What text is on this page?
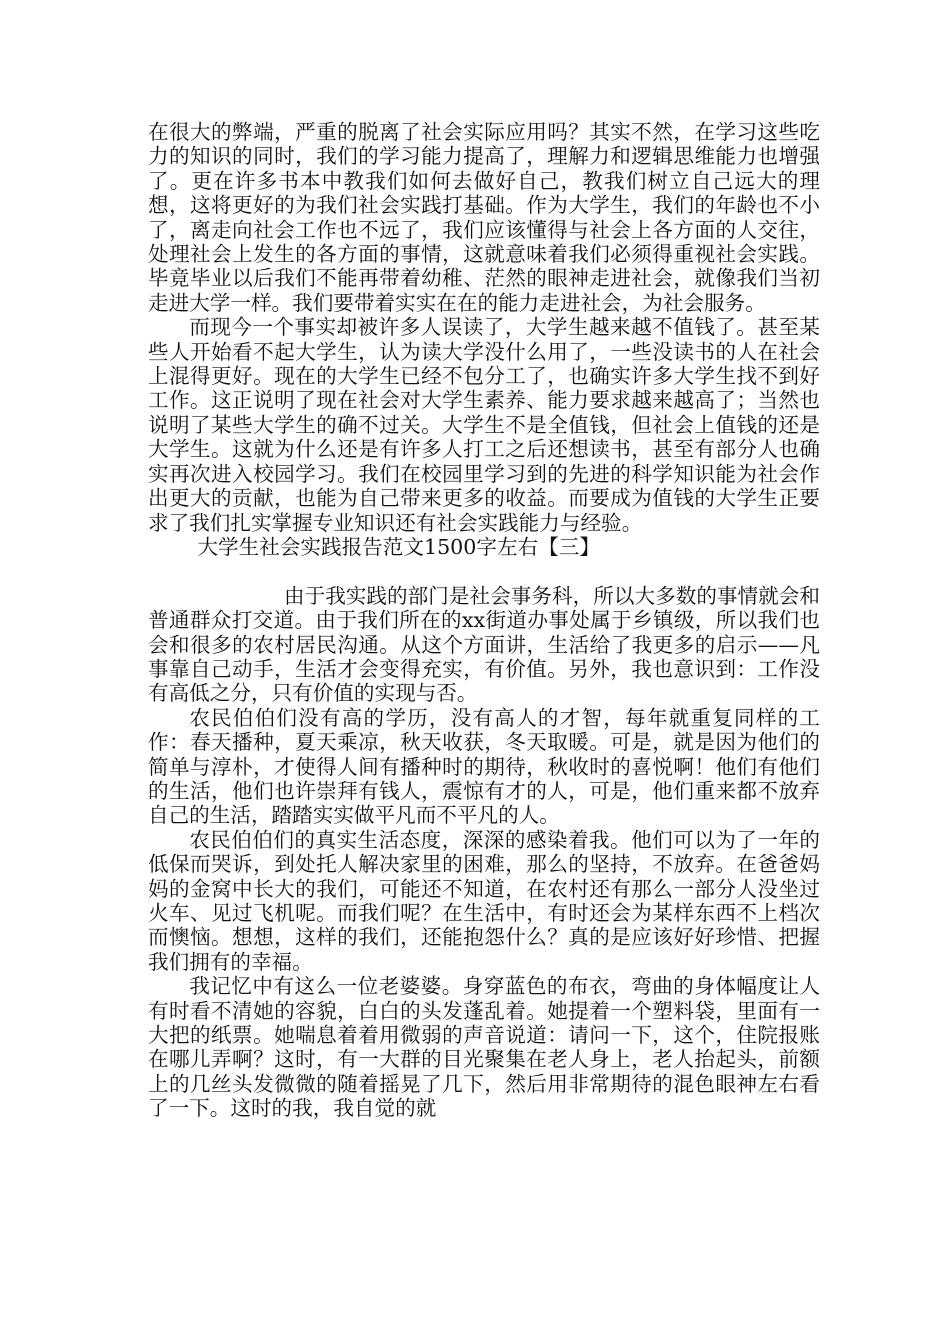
在很大的弊端，严重的脱离了社会实际应用吗？其实不然，在学习这些吃力的知识的同时，我们的学习能力提高了，理解力和逻辑思维能力也增强了。更在许多书本中教我们如何去做好自己，教我们树立自己远大的理想，这将更好的为我们社会实践打基础。作为大学生，我们的年龄也不小了，离走向社会工作也不远了，我们应该懂得与社会上各方面的人交往，处理社会上发生的各方面的事情，这就意味着我们必须得重视社会实践。毕竟毕业以后我们不能再带着幼稚、茫然的眼神走进社会，就像我们当初走进大学一样。我们要带着实实在在的能力走进社会，为社会服务。

而现今一个事实却被许多人误读了，大学生越来越不值钱了。甚至某些人开始看不起大学生，认为读大学没什么用了，一些没读书的人在社会上混得更好。现在的大学生已经不包分工了，也确实许多大学生找不到好工作。这正说明了现在社会对大学生素养、能力要求越来越高了；当然也说明了某些大学生的确不过关。大学生不是全值钱，但社会上值钱的还是大学生。这就为什么还是有许多人打工之后还想读书，甚至有部分人也确实再次进入校园学习。我们在校园里学习到的先进的科学知识能为社会作出更大的贡献，也能为自己带来更多的收益。而要成为值钱的大学生正要求了我们扎实掌握专业知识还有社会实践能力与经验。

大学生社会实践报告范文1500字左右【三】

由于我实践的部门是社会事务科，所以大多数的事情就会和普通群众打交道。由于我们所在的xx街道办事处属于乡镇级，所以我们也会和很多的农村居民沟通。从这个方面讲，生活给了我更多的启示——凡事靠自己动手，生活才会变得充实，有价值。另外，我也意识到：工作没有高低之分，只有价值的实现与否。

农民伯伯们没有高的学历，没有高人的才智，每年就重复同样的工作：春天播种，夏天乘凉，秋天收获，冬天取暖。可是，就是因为他们的简单与淳朴，才使得人间有播种时的期待，秋收时的喜悦啊！他们有他们的生活，他们也许崇拜有钱人，震惊有才的人，可是，他们重来都不放弃自己的生活，踏踏实实做平凡而不平凡的人。

农民伯伯们的真实生活态度，深深的感染着我。他们可以为了一年的低保而哭诉，到处托人解决家里的困难，那么的坚持，不放弃。在爸爸妈妈的金窝中长大的我们，可能还不知道，在农村还有那么一部分人没坐过火车、见过飞机呢。而我们呢？在生活中，有时还会为某样东西不上档次而懊恼。想想，这样的我们，还能抱怨什么？真的是应该好好珍惜、把握我们拥有的幸福。

我记忆中有这么一位老婆婆。身穿蓝色的布衣，弯曲的身体幅度让人有时看不清她的容貌，白白的头发蓬乱着。她提着一个塑料袋，里面有一大把的纸票。她喘息着着用微弱的声音说道：请问一下，这个，住院报账在哪儿弄啊？这时，有一大群的目光聚集在老人身上，老人抬起头，前额上的几丝头发微微的随着摇晃了几下，然后用非常期待的混色眼神左右看了一下。这时的我，我自觉的就
